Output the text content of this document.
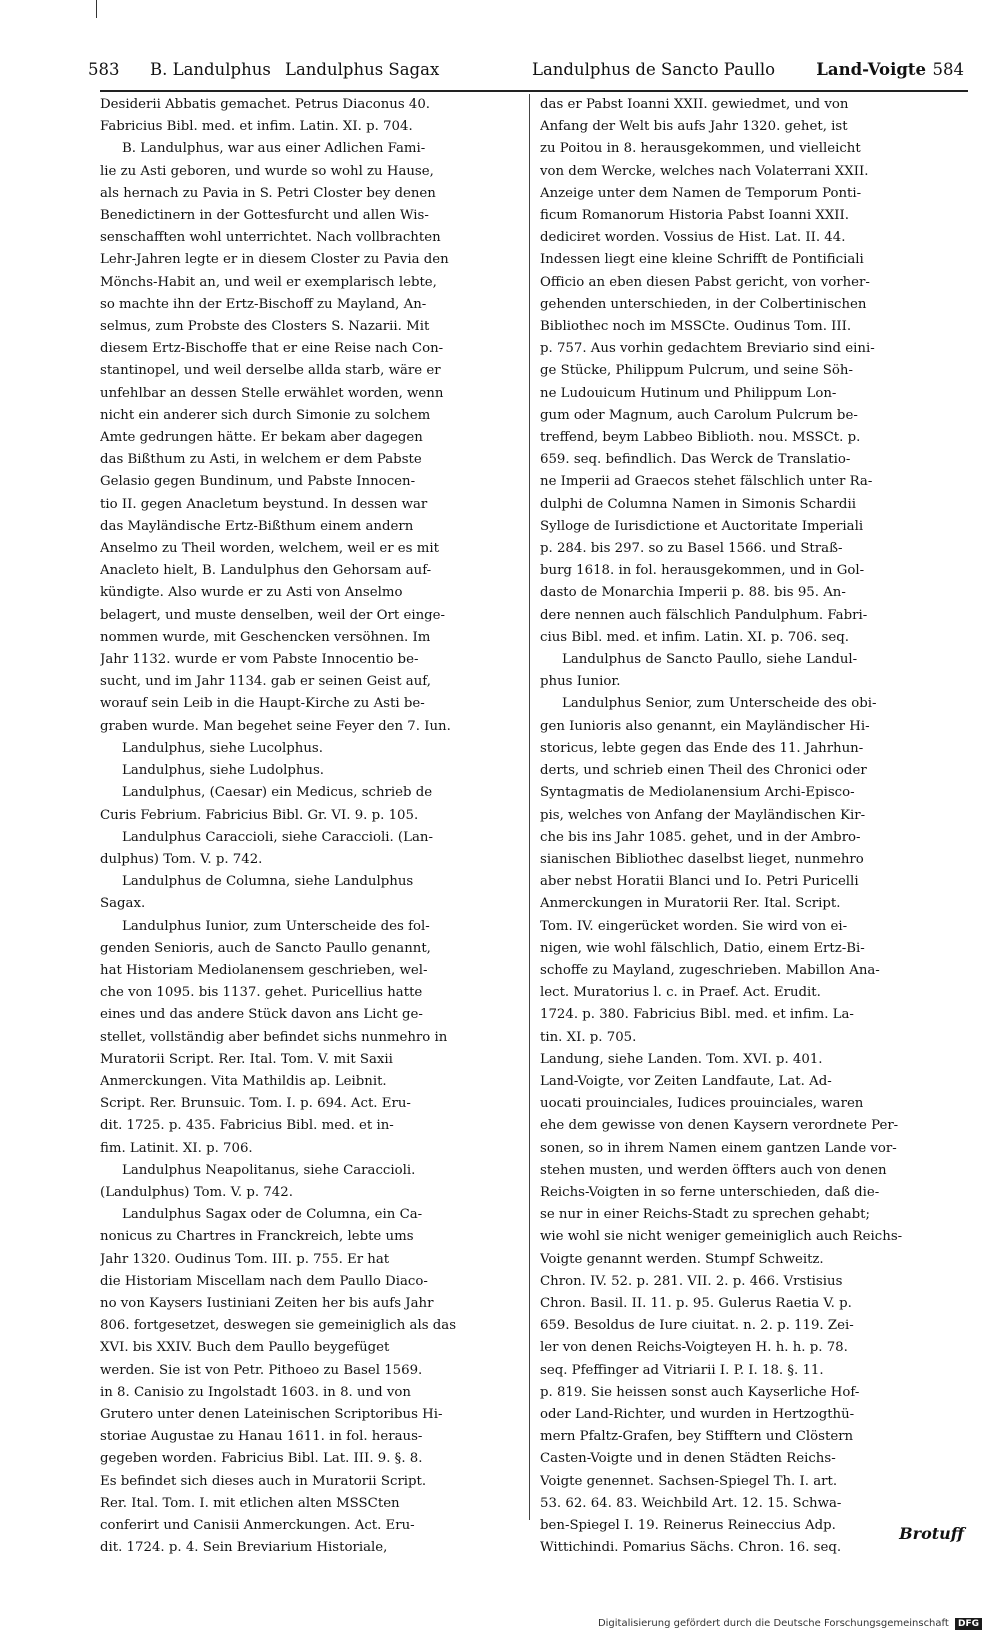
583 B. Landulphus Landulphus Sagax	Landulphus de Sancto Paullo Land-Voigte 584
Desiderii Abbatis gemachet. Petrus Diaconus 40.
Fabricius Bibl. med. et infim. Latin. XI. p. 704.
B. Landulphus, war aus einer Adlichen Fami-
lie zu Asti geboren, und wurde so wohl zu Hause,
als hernach zu Pavia in S. Petri Closter bey denen
Benedictinern in der Gottesfurcht und allen Wis-
senschafften wohl unterrichtet. Nach vollbrachten
Lehr-Jahren legte er in diesem Closter zu Pavia den
Mönchs-Habit an, und weil er exemplarisch lebte,
so machte ihn der Ertz-Bischoff zu Mayland, An-
selmus, zum Probste des Closters S. Nazarii. Mit
diesem Ertz-Bischoffe that er eine Reise nach Con-
stantinopel, und weil derselbe allda starb, wäre er
unfehlbar an dessen Stelle erwählet worden, wenn
nicht ein anderer sich durch Simonie zu solchem
Amte gedrungen hätte. Er bekam aber dagegen
das Bißthum zu Asti, in welchem er dem Pabste
Gelasio gegen Bundinum, und Pabste Innocen-
tio II. gegen Anacletum beystund. In dessen war
das Mayländische Ertz-Bißthum einem andern
Anselmo zu Theil worden, welchem, weil er es mit
Anacleto hielt, B. Landulphus den Gehorsam auf-
kündigte. Also wurde er zu Asti von Anselmo
belagert, und muste denselben, weil der Ort einge-
nommen wurde, mit Geschencken versöhnen. Im
Jahr 1132. wurde er vom Pabste Innocentio be-
sucht, und im Jahr 1134. gab er seinen Geist auf,
worauf sein Leib in die Haupt-Kirche zu Asti be-
graben wurde. Man begehet seine Feyer den 7. Iun.
Landulphus, siehe Lucolphus.
Landulphus, siehe Ludolphus.
Landulphus, (Caesar) ein Medicus, schrieb de
Curis Febrium. Fabricius Bibl. Gr. VI. 9. p. 105.
Landulphus Caraccioli, siehe Caraccioli. (Lan-
dulphus) Tom. V. p. 742.
Landulphus de Columna, siehe Landulphus
Sagax.
Landulphus Iunior, zum Unterscheide des fol-
genden Senioris, auch de Sancto Paullo genannt,
hat Historiam Mediolanensem geschrieben, wel-
che von 1095. bis 1137. gehet. Puricellius hatte
eines und das andere Stück davon ans Licht ge-
stellet, vollständig aber befindet sichs nunmehro in
Muratorii Script. Rer. Ital. Tom. V. mit Saxii
Anmerckungen. Vita Mathildis ap. Leibnit.
Script. Rer. Brunsuic. Tom. I. p. 694. Act. Eru-
dit. 1725. p. 435. Fabricius Bibl. med. et in-
fim. Latinit. XI. p. 706.
Landulphus Neapolitanus, siehe Caraccioli.
(Landulphus) Tom. V. p. 742.
Landulphus Sagax oder de Columna, ein Ca-
nonicus zu Chartres in Franckreich, lebte ums
Jahr 1320. Oudinus Tom. III. p. 755. Er hat
die Historiam Miscellam nach dem Paullo Diaco-
no von Kaysers Iustiniani Zeiten her bis aufs Jahr
806. fortgesetzet, deswegen sie gemeiniglich als das
XVI. bis XXIV. Buch dem Paullo beygefüget
werden. Sie ist von Petr. Pithoeo zu Basel 1569.
in 8. Canisio zu Ingolstadt 1603. in 8. und von
Grutero unter denen Lateinischen Scriptoribus Hi-
storiae Augustae zu Hanau 1611. in fol. heraus-
gegeben worden. Fabricius Bibl. Lat. III. 9. §. 8.
Es befindet sich dieses auch in Muratorii Script.
Rer. Ital. Tom. I. mit etlichen alten MSSCten
conferirt und Canisii Anmerckungen. Act. Eru-
dit. 1724. p. 4. Sein Breviarium Historiale,
das er Pabst Ioanni XXII. gewiedmet, und von
Anfang der Welt bis aufs Jahr 1320. gehet, ist
zu Poitou in 8. herausgekommen, und vielleicht
von dem Wercke, welches nach Volaterrani XXII.
Anzeige unter dem Namen de Temporum Ponti-
ficum Romanorum Historia Pabst Ioanni XXII.
dediciret worden. Vossius de Hist. Lat. II. 44.
Indessen liegt eine kleine Schrifft de Pontificiali
Officio an eben diesen Pabst gericht, von vorher-
gehenden unterschieden, in der Colbertinischen
Bibliothec noch im MSSCte. Oudinus Tom. III.
p. 757. Aus vorhin gedachtem Breviario sind eini-
ge Stücke, Philippum Pulcrum, und seine Söh-
ne Ludouicum Hutinum und Philippum Lon-
gum oder Magnum, auch Carolum Pulcrum be-
treffend, beym Labbeo Biblioth. nou. MSSCt. p.
659. seq. befindlich. Das Werck de Translatio-
ne Imperii ad Graecos stehet fälschlich unter Ra-
dulphi de Columna Namen in Simonis Schardii
Sylloge de Iurisdictione et Auctoritate Imperiali
p. 284. bis 297. so zu Basel 1566. und Straß-
burg 1618. in fol. herausgekommen, und in Gol-
dasto de Monarchia Imperii p. 88. bis 95. An-
dere nennen auch fälschlich Pandulphum. Fabri-
cius Bibl. med. et infim. Latin. XI. p. 706. seq.
Landulphus de Sancto Paullo, siehe Landul-
phus Iunior.
Landulphus Senior, zum Unterscheide des obi-
gen Iunioris also genannt, ein Mayländischer Hi-
storicus, lebte gegen das Ende des 11. Jahrhun-
derts, und schrieb einen Theil des Chronici oder
Syntagmatis de Mediolanensium Archi-Episco-
pis, welches von Anfang der Mayländischen Kir-
che bis ins Jahr 1085. gehet, und in der Ambro-
sianischen Bibliothec daselbst lieget, nunmehro
aber nebst Horatii Blanci und Io. Petri Puricelli
Anmerckungen in Muratorii Rer. Ital. Script.
Tom. IV. eingerücket worden. Sie wird von ei-
nigen, wie wohl fälschlich, Datio, einem Ertz-Bi-
schoffe zu Mayland, zugeschrieben. Mabillon Ana-
lect. Muratorius l. c. in Praef. Act. Erudit.
1724. p. 380. Fabricius Bibl. med. et infim. La-
tin. XI. p. 705.
Landung, siehe Landen. Tom. XVI. p. 401.
Land-Voigte, vor Zeiten Landfaute, Lat. Ad-
uocati prouinciales, Iudices prouinciales, waren
ehe dem gewisse von denen Kaysern verordnete Per-
sonen, so in ihrem Namen einem gantzen Lande vor-
stehen musten, und werden öffters auch von denen
Reichs-Voigten in so ferne unterschieden, daß die-
se nur in einer Reichs-Stadt zu sprechen gehabt;
wie wohl sie nicht weniger gemeiniglich auch Reichs-
Voigte genannt werden. Stumpf Schweitz.
Chron. IV. 52. p. 281. VII. 2. p. 466. Vrstisius
Chron. Basil. II. 11. p. 95. Gulerus Raetia V. p.
659. Besoldus de Iure ciuitat. n. 2. p. 119. Zei-
ler von denen Reichs-Voigteyen H. h. h. p. 78.
seq. Pfeffinger ad Vitriarii I. P. I. 18. §. 11.
p. 819. Sie heissen sonst auch Kayserliche Hof-
oder Land-Richter, und wurden in Hertzogthü-
mern Pfaltz-Grafen, bey Stifftern und Clöstern
Casten-Voigte und in denen Städten Reichs-
Voigte genennet. Sachsen-Spiegel Th. I. art.
53. 62. 64. 83. Weichbild Art. 12. 15. Schwa-
ben-Spiegel I. 19. Reinerus Reineccius Adp.
Wittichindi. Pomarius Sächs. Chron. 16. seq.
Brotuff
Digitalisierung gefördert durch die Deutsche Forschungsgemeinschaft DFG
